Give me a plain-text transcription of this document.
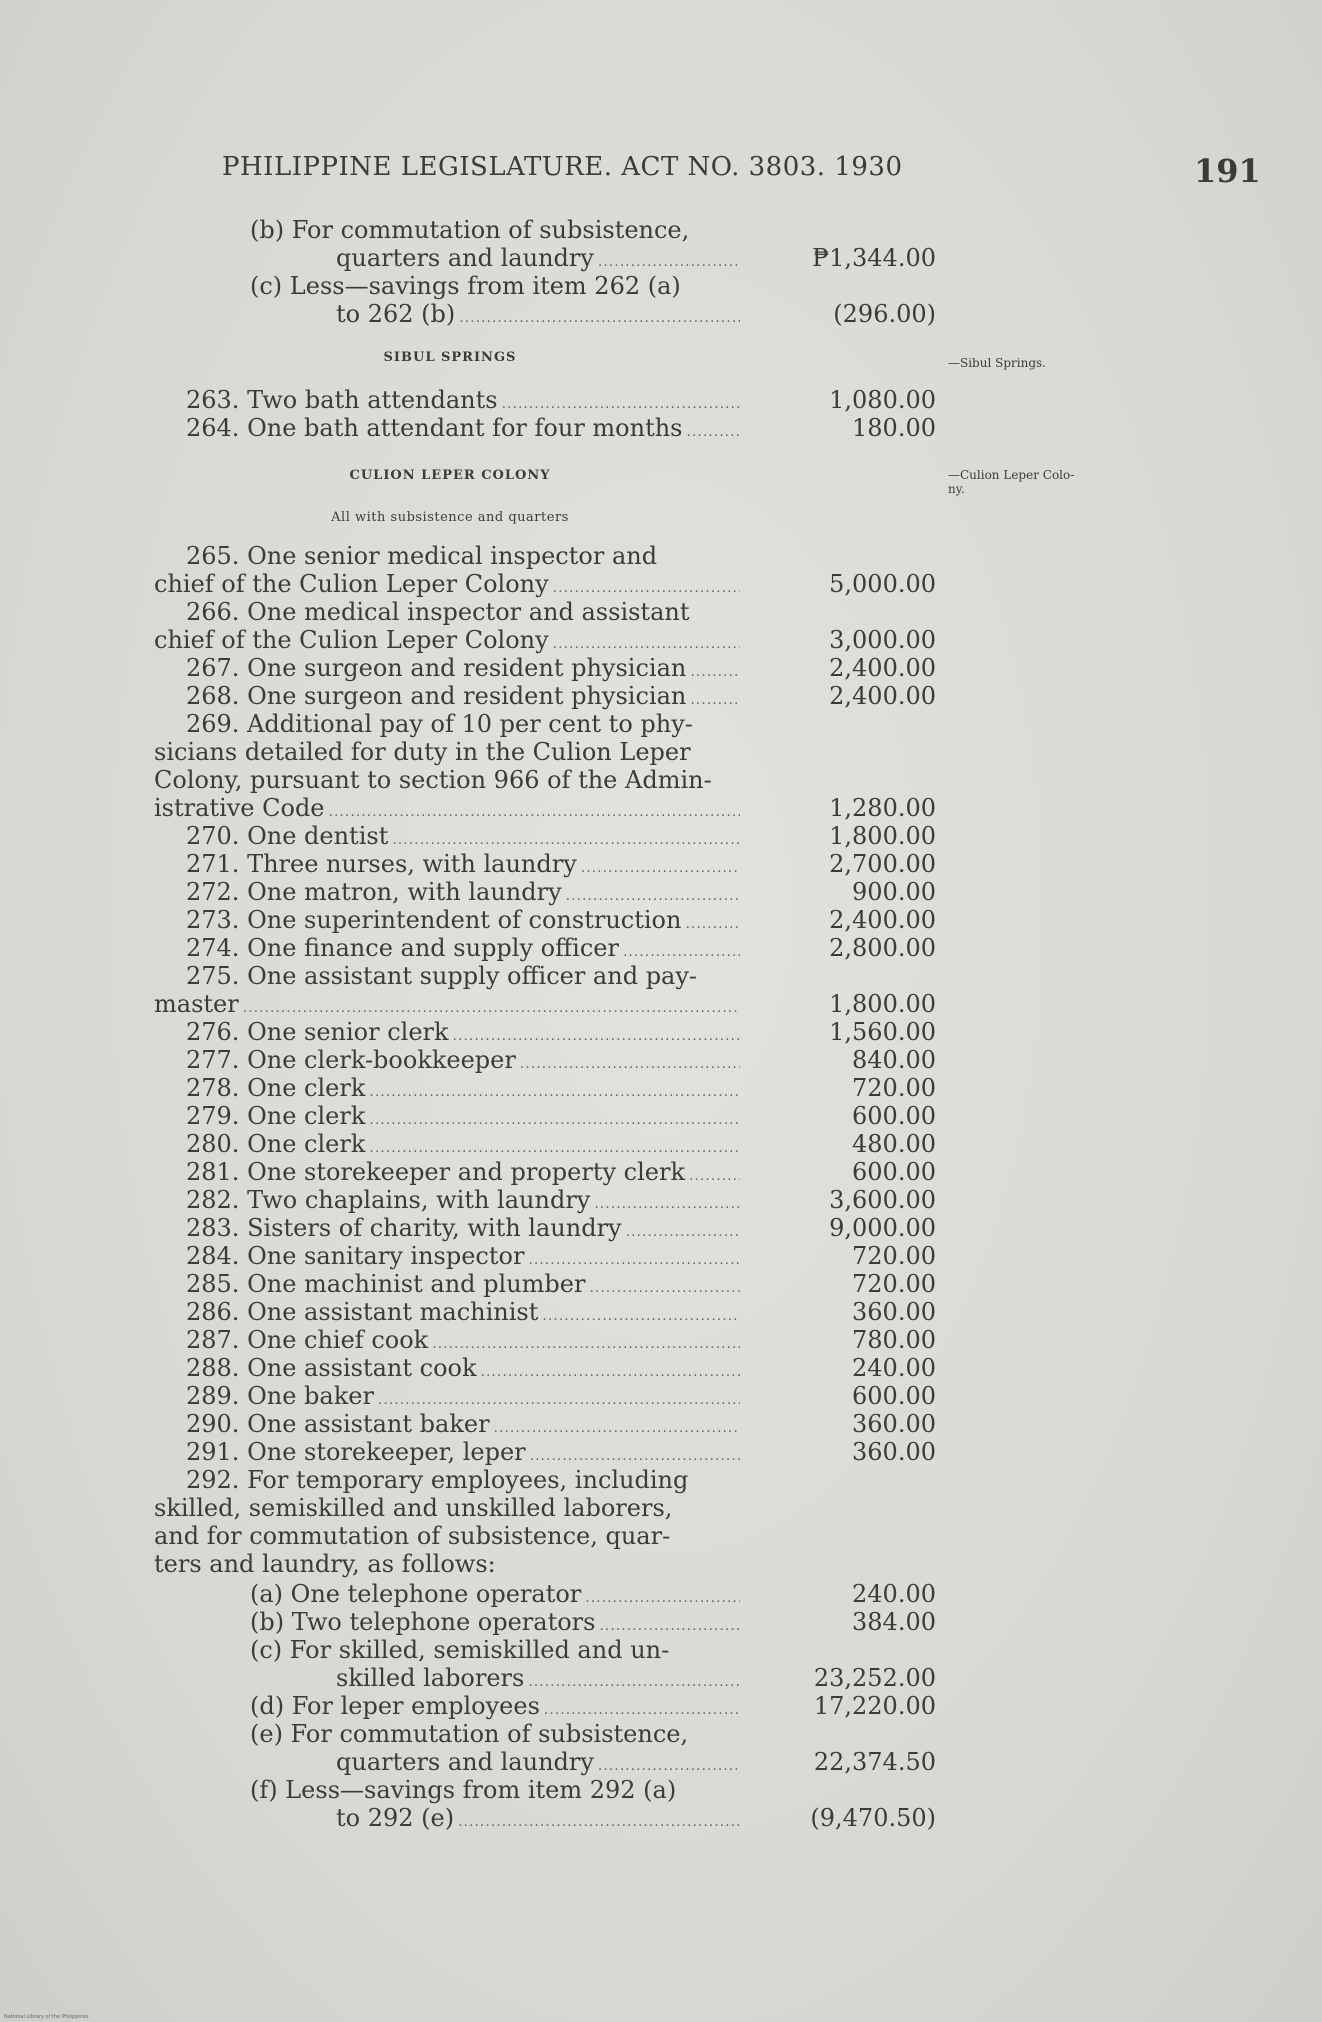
PHILIPPINE LEGISLATURE. ACT NO. 3803. 1930	191
(b) For commutation of subsistence,
quarters and laundry .....	₱1,344.00
(c) Less—savings from item 262 (a)
to 262 (b) .....	(296.00)
SIBUL SPRINGS	—Sibul Springs.
263. Two bath attendants .....	1,080.00
264. One bath attendant for four months .....	180.00
CULION LEPER COLONY	—Culion Leper Colo-
ny.
All with subsistence and quarters
265. One senior medical inspector and
chief of the Culion Leper Colony .....	5,000.00
266. One medical inspector and assistant
chief of the Culion Leper Colony .....	3,000.00
267. One surgeon and resident physician .....	2,400.00
268. One surgeon and resident physician .....	2,400.00
269. Additional pay of 10 per cent to phy-
sicians detailed for duty in the Culion Leper
Colony, pursuant to section 966 of the Admin-
istrative Code .....	1,280.00
270. One dentist .....	1,800.00
271. Three nurses, with laundry .....	2,700.00
272. One matron, with laundry .....	900.00
273. One superintendent of construction .....	2,400.00
274. One finance and supply officer .....	2,800.00
275. One assistant supply officer and pay-
master .....	1,800.00
276. One senior clerk .....	1,560.00
277. One clerk-bookkeeper .....	840.00
278. One clerk .....	720.00
279. One clerk .....	600.00
280. One clerk .....	480.00
281. One storekeeper and property clerk .....	600.00
282. Two chaplains, with laundry .....	3,600.00
283. Sisters of charity, with laundry .....	9,000.00
284. One sanitary inspector .....	720.00
285. One machinist and plumber .....	720.00
286. One assistant machinist .....	360.00
287. One chief cook .....	780.00
288. One assistant cook .....	240.00
289. One baker .....	600.00
290. One assistant baker .....	360.00
291. One storekeeper, leper .....	360.00
292. For temporary employees, including
skilled, semiskilled and unskilled laborers,
and for commutation of subsistence, quar-
ters and laundry, as follows:
(a) One telephone operator .....	240.00
(b) Two telephone operators .....	384.00
(c) For skilled, semiskilled and un-
skilled laborers .....	23,252.00
(d) For leper employees .....	17,220.00
(e) For commutation of subsistence,
quarters and laundry .....	22,374.50
(f) Less—savings from item 292 (a)
to 292 (e) .....	(9,470.50)
National Library of the Philippines
